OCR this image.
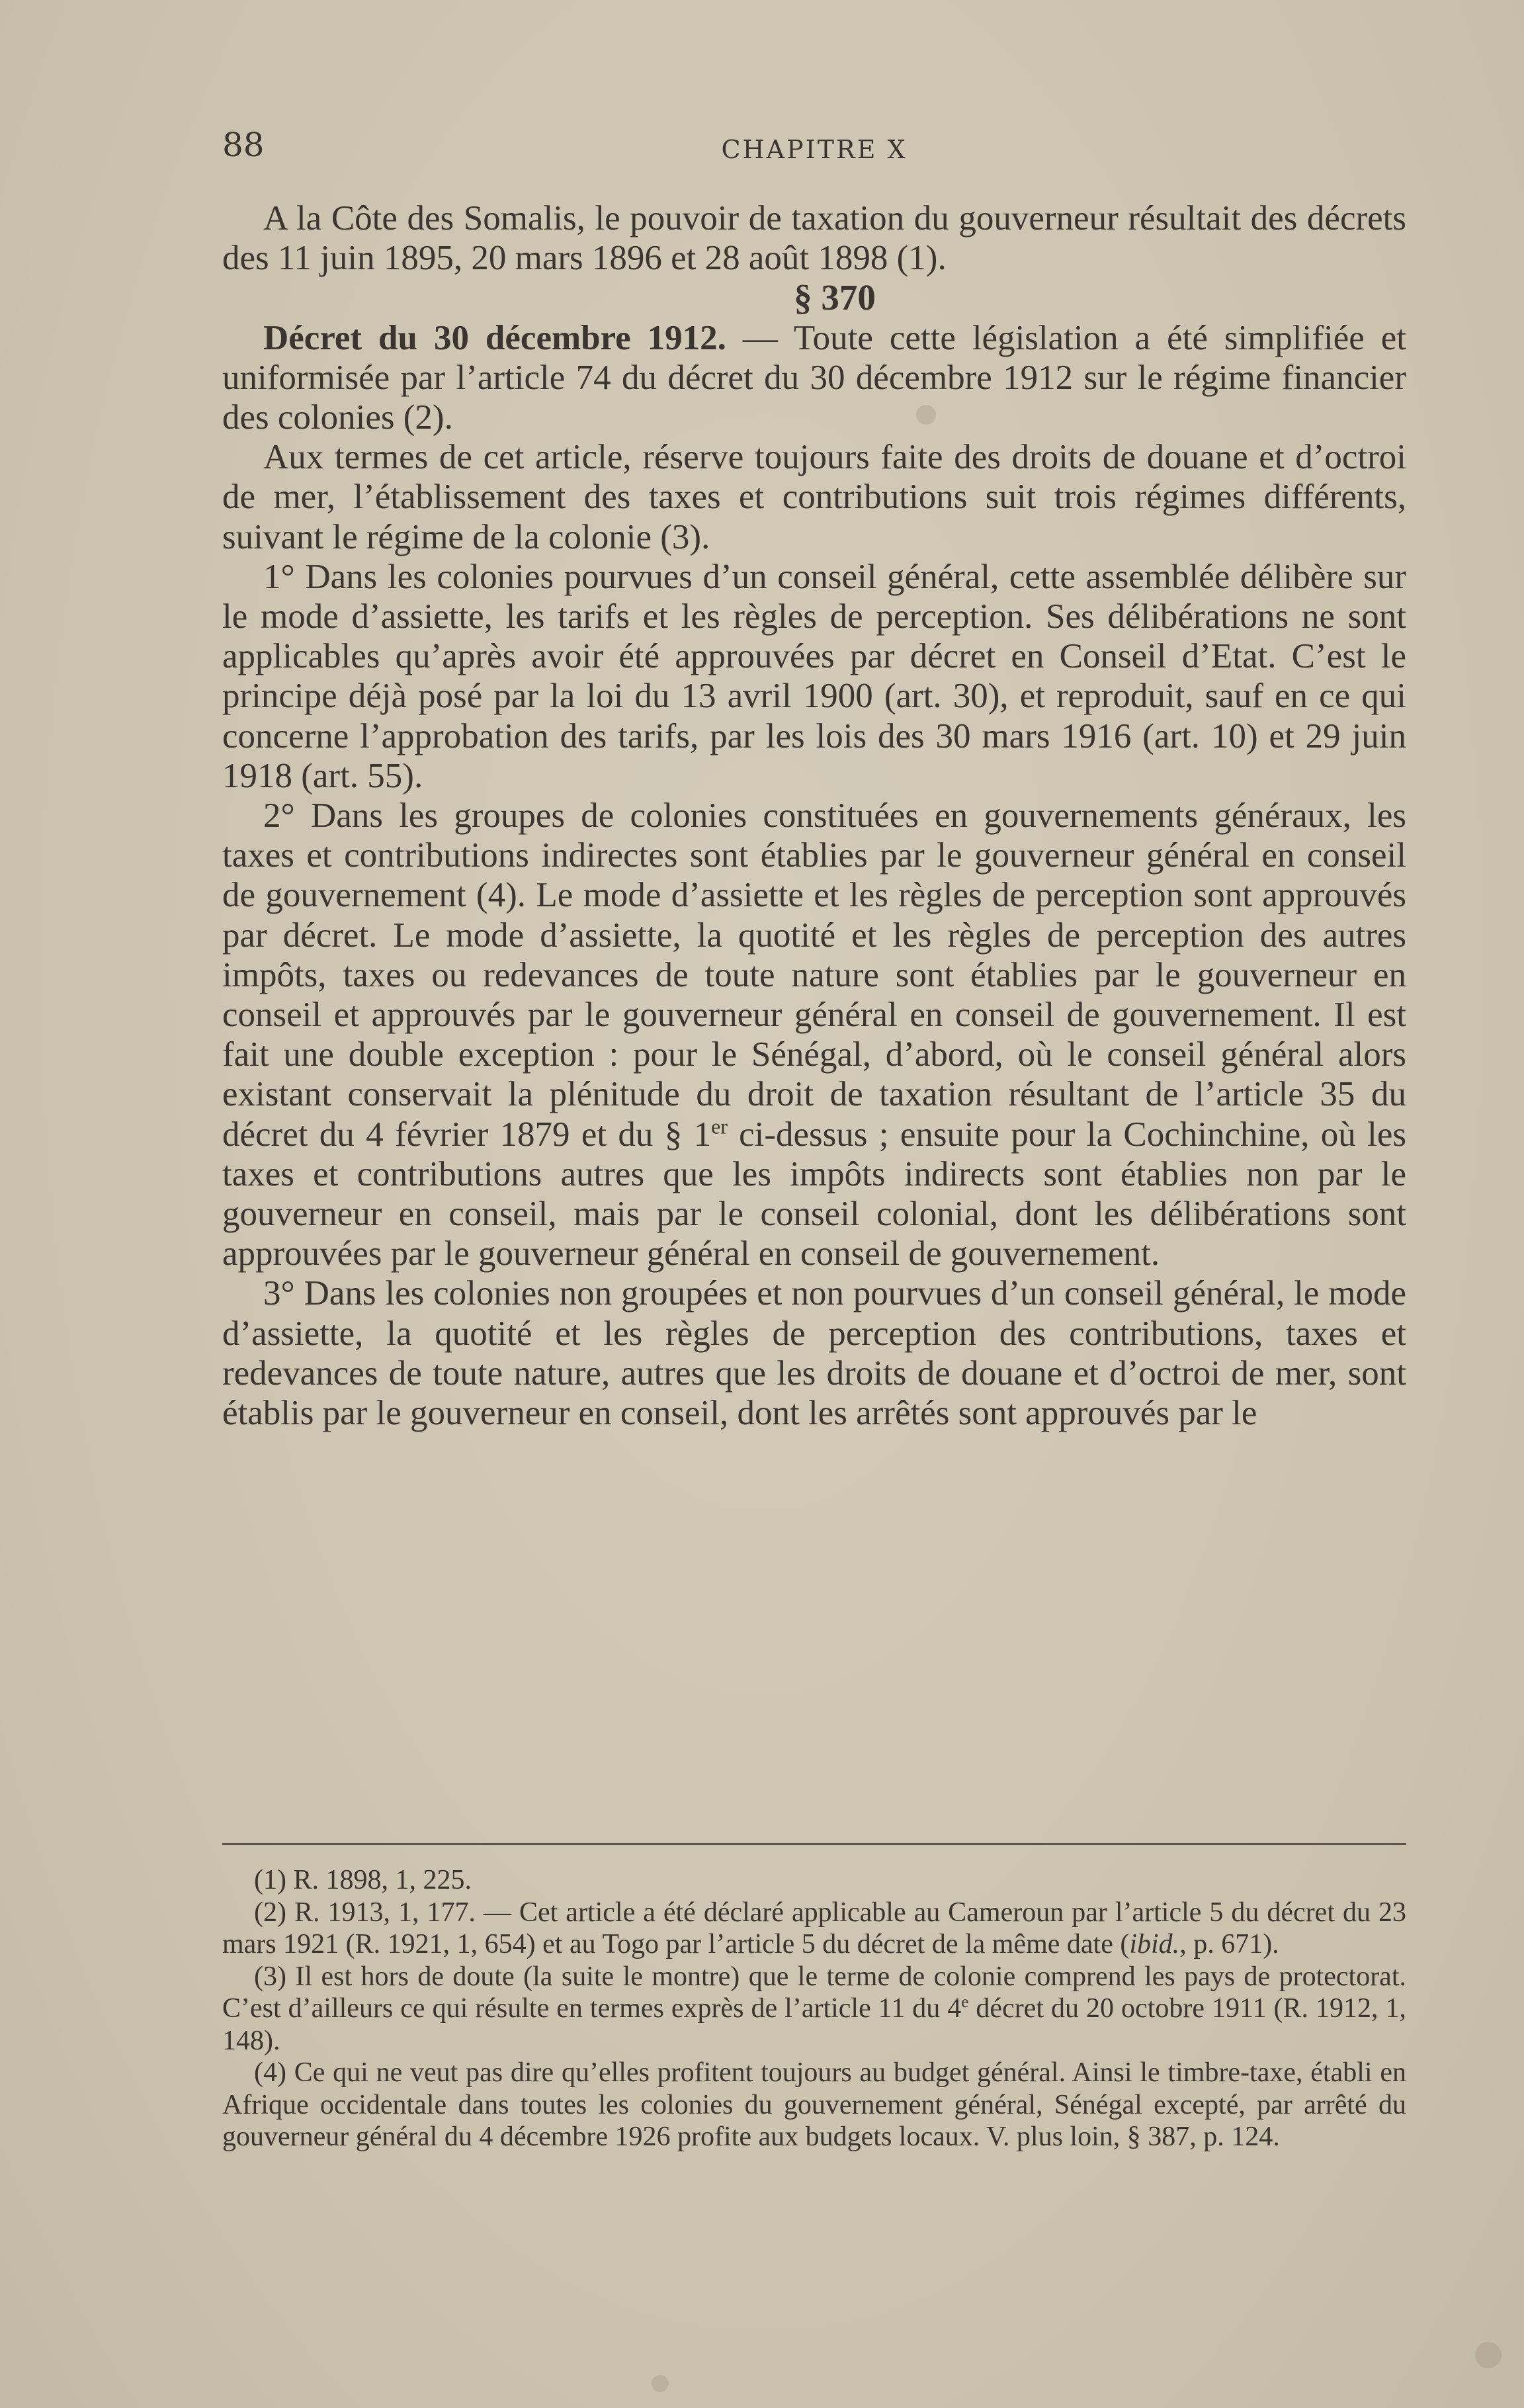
88	CHAPITRE X

A la Côte des Somalis, le pouvoir de taxation du gouverneur résultait des décrets des 11 juin 1895, 20 mars 1896 et 28 août 1898 (1).

§ 370

Décret du 30 décembre 1912. — Toute cette législation a été simplifiée et uniformisée par l’article 74 du décret du 30 décembre 1912 sur le régime financier des colonies (2).

Aux termes de cet article, réserve toujours faite des droits de douane et d’octroi de mer, l’établissement des taxes et contributions suit trois régimes différents, suivant le régime de la colonie (3).

1° Dans les colonies pourvues d’un conseil général, cette assemblée délibère sur le mode d’assiette, les tarifs et les règles de perception. Ses délibérations ne sont applicables qu’après avoir été approuvées par décret en Conseil d’Etat. C’est le principe déjà posé par la loi du 13 avril 1900 (art. 30), et reproduit, sauf en ce qui concerne l’approbation des tarifs, par les lois des 30 mars 1916 (art. 10) et 29 juin 1918 (art. 55).

2° Dans les groupes de colonies constituées en gouvernements généraux, les taxes et contributions indirectes sont établies par le gouverneur général en conseil de gouvernement (4). Le mode d’assiette et les règles de perception sont approuvés par décret. Le mode d’assiette, la quotité et les règles de perception des autres impôts, taxes ou redevances de toute nature sont établies par le gouverneur en conseil et approuvés par le gouverneur général en conseil de gouvernement. Il est fait une double exception : pour le Sénégal, d’abord, où le conseil général alors existant conservait la plénitude du droit de taxation résultant de l’article 35 du décret du 4 février 1879 et du § 1er ci-dessus ; ensuite pour la Cochinchine, où les taxes et contributions autres que les impôts indirects sont établies non par le gouverneur en conseil, mais par le conseil colonial, dont les délibérations sont approuvées par le gouverneur général en conseil de gouvernement.

3° Dans les colonies non groupées et non pourvues d’un conseil général, le mode d’assiette, la quotité et les règles de perception des contributions, taxes et redevances de toute nature, autres que les droits de douane et d’octroi de mer, sont établis par le gouverneur en conseil, dont les arrêtés sont approuvés par le

(1) R. 1898, 1, 225.

(2) R. 1913, 1, 177. — Cet article a été déclaré applicable au Cameroun par l’article 5 du décret du 23 mars 1921 (R. 1921, 1, 654) et au Togo par l’article 5 du décret de la même date (ibid., p. 671).

(3) Il est hors de doute (la suite le montre) que le terme de colonie comprend les pays de protectorat. C’est d’ailleurs ce qui résulte en termes exprès de l’article 11 du 4e décret du 20 octobre 1911 (R. 1912, 1, 148).

(4) Ce qui ne veut pas dire qu’elles profitent toujours au budget général. Ainsi le timbre-taxe, établi en Afrique occidentale dans toutes les colonies du gouvernement général, Sénégal excepté, par arrêté du gouverneur général du 4 décembre 1926 profite aux budgets locaux. V. plus loin, § 387, p. 124.
